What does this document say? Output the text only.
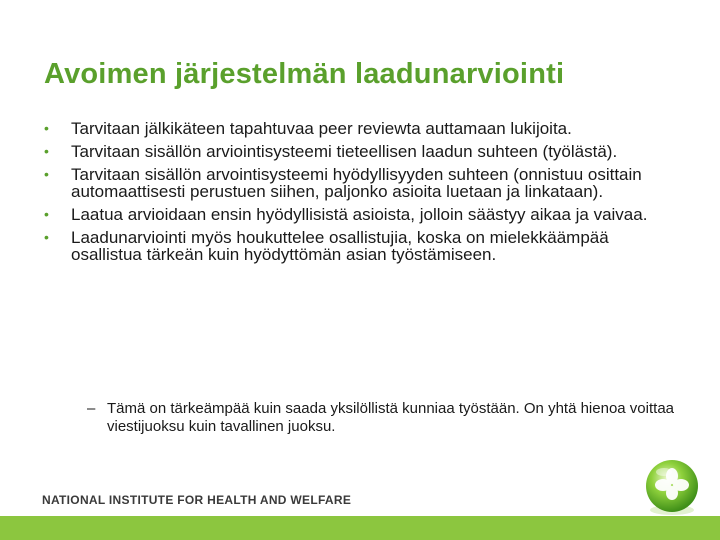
Avoimen järjestelmän laadunarviointi
• Tarvitaan jälkikäteen tapahtuvaa peer reviewta auttamaan lukijoita.
• Tarvitaan sisällön arviointisysteemi tieteellisen laadun suhteen (työlästä).
• Tarvitaan sisällön arvointisysteemi hyödyllisyyden suhteen (onnistuu osittain automaattisesti perustuen siihen, paljonko asioita luetaan ja linkataan).
• Laatua arvioidaan ensin hyödyllisistä asioista, jolloin säästyy aikaa ja vaivaa.
• Laadunarviointi myös houkuttelee osallistujia, koska on mielekkäämpää osallistua tärkeän kuin hyödyttömän asian työstämiseen.
– Tämä on tärkeämpää kuin saada yksilöllistä kunniaa työstään. On yhtä hienoa voittaa viestijuoksu kuin tavallinen juoksu.
NATIONAL INSTITUTE FOR HEALTH AND WELFARE
